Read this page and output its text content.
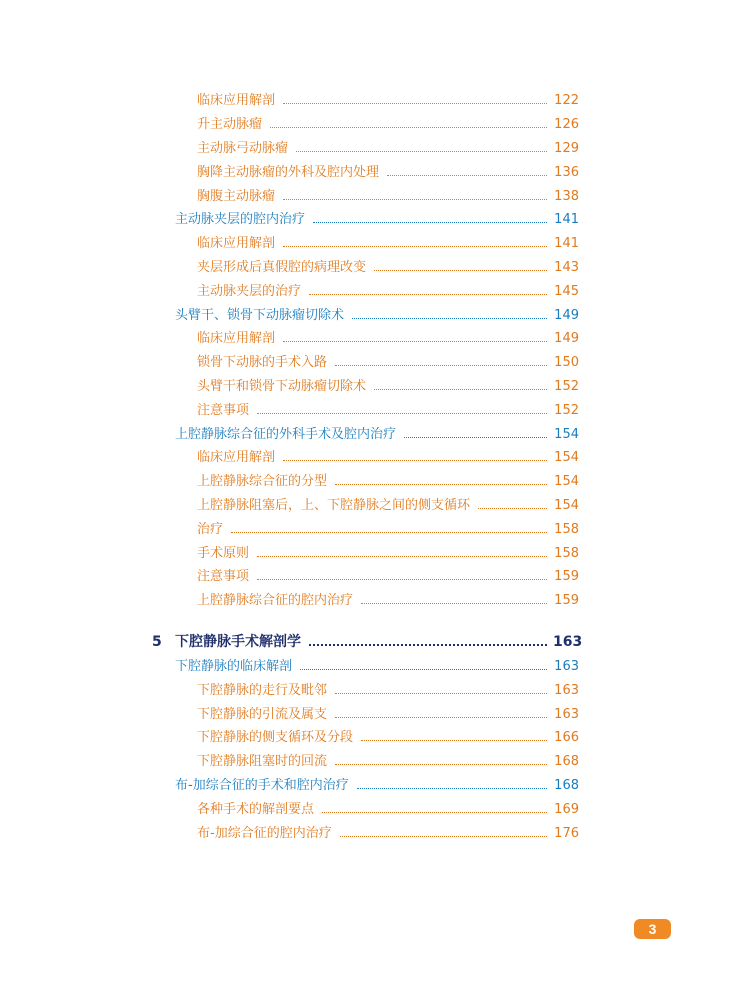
临床应用解剖	122
升主动脉瘤	126
主动脉弓动脉瘤	129
胸降主动脉瘤的外科及腔内处理	136
胸腹主动脉瘤	138
主动脉夹层的腔内治疗	141
临床应用解剖	141
夹层形成后真假腔的病理改变	143
主动脉夹层的治疗	145
头臂干、锁骨下动脉瘤切除术	149
临床应用解剖	149
锁骨下动脉的手术入路	150
头臂干和锁骨下动脉瘤切除术	152
注意事项	152
上腔静脉综合征的外科手术及腔内治疗	154
临床应用解剖	154
上腔静脉综合征的分型	154
上腔静脉阻塞后，上、下腔静脉之间的侧支循环	154
治疗	158
手术原则	158
注意事项	159
上腔静脉综合征的腔内治疗	159
5 下腔静脉手术解剖学	163
下腔静脉的临床解剖	163
下腔静脉的走行及毗邻	163
下腔静脉的引流及属支	163
下腔静脉的侧支循环及分段	166
下腔静脉阻塞时的回流	168
布-加综合征的手术和腔内治疗	168
各种手术的解剖要点	169
布-加综合征的腔内治疗	176
3
